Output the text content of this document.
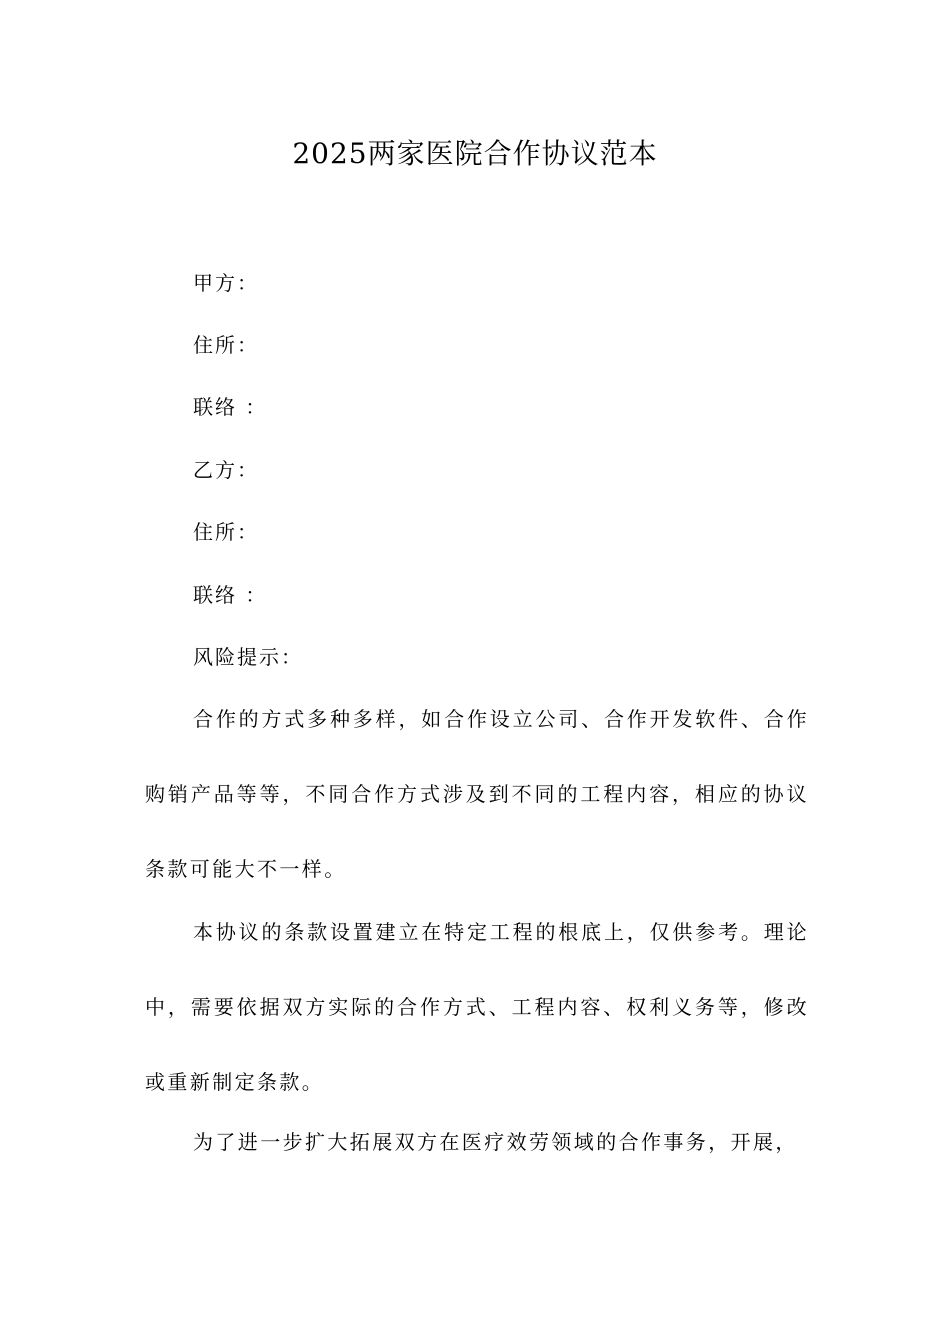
2025两家医院合作协议范本
甲方：
住所：
联络 ：
乙方：
住所：
联络 ：
风险提示：
合作的方式多种多样，如合作设立公司、合作开发软件、合作购销产品等等，不同合作方式涉及到不同的工程内容，相应的协议条款可能大不一样。
本协议的条款设置建立在特定工程的根底上，仅供参考。理论中，需要依据双方实际的合作方式、工程内容、权利义务等，修改或重新制定条款。
为了进一步扩大拓展双方在医疗效劳领域的合作事务，开展，
